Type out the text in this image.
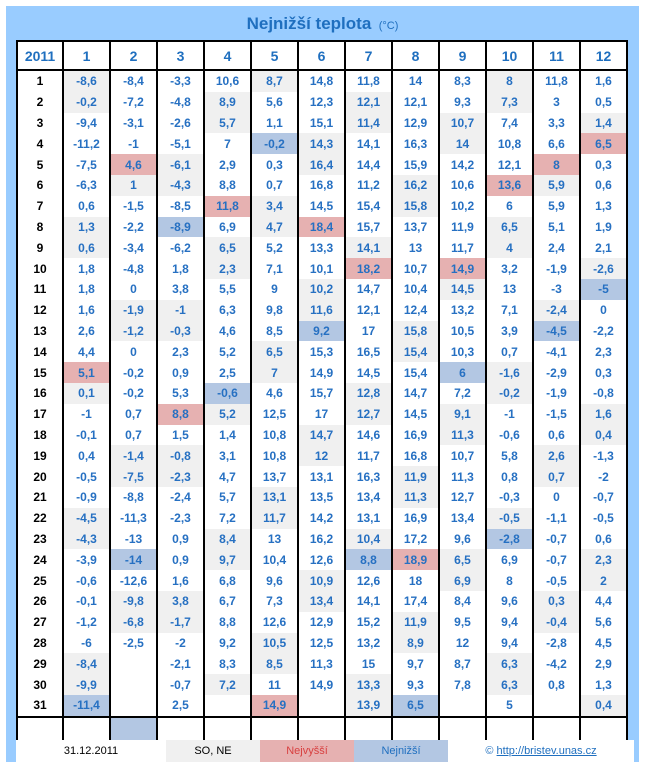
Nejnižší teplota (°C)
2011	1	2	3	4	5	6	7	8	9	10	11	12
1	-8,6	-8,4	-3,3	10,6	8,7	14,8	11,8	14	8,3	8	11,8	1,6
2	-0,2	-7,2	-4,8	8,9	5,6	12,3	12,1	12,1	9,3	7,3	3	0,5
3	-9,4	-3,1	-2,6	5,7	1,1	15,1	11,4	12,9	10,7	7,4	3,3	1,4
4	-11,2	-1	-5,1	7	-0,2	14,3	14,1	16,3	14	10,8	6,6	6,5
5	-7,5	4,6	-6,1	2,9	0,3	16,4	14,4	15,9	14,2	12,1	8	0,3
6	-6,3	1	-4,3	8,8	0,7	16,8	11,2	16,2	10,6	13,6	5,9	0,6
7	0,6	-1,5	-8,5	11,8	3,4	14,5	15,4	15,8	10,2	6	5,9	1,3
8	1,3	-2,2	-8,9	6,9	4,7	18,4	15,7	13,7	11,9	6,5	5,1	1,9
9	0,6	-3,4	-6,2	6,5	5,2	13,3	14,1	13	11,7	4	2,4	2,1
10	1,8	-4,8	1,8	2,3	7,1	10,1	18,2	10,7	14,9	3,2	-1,9	-2,6
11	1,8	0	3,8	5,5	9	10,2	14,7	10,4	14,5	13	-3	-5
12	1,6	-1,9	-1	6,3	9,8	11,6	12,1	12,4	13,2	7,1	-2,4	0
13	2,6	-1,2	-0,3	4,6	8,5	9,2	17	15,8	10,5	3,9	-4,5	-2,2
14	4,4	0	2,3	5,2	6,5	15,3	16,5	15,4	10,3	0,7	-4,1	2,3
15	5,1	-0,2	0,9	2,5	7	14,9	14,5	15,4	6	-1,6	-2,9	0,3
16	0,1	-0,2	5,3	-0,6	4,6	15,7	12,8	14,7	7,2	-0,2	-1,9	-0,8
17	-1	0,7	8,8	5,2	12,5	17	12,7	14,5	9,1	-1	-1,5	1,6
18	-0,1	0,7	1,5	1,4	10,8	14,7	14,6	16,9	11,3	-0,6	0,6	0,4
19	0,4	-1,4	-0,8	3,1	10,8	12	11,7	16,8	10,7	5,8	2,6	-1,3
20	-0,5	-7,5	-2,3	4,7	13,7	13,1	16,3	11,9	11,3	0,8	0,7	-2
21	-0,9	-8,8	-2,4	5,7	13,1	13,5	13,4	11,3	12,7	-0,3	0	-0,7
22	-4,5	-11,3	-2,3	7,2	11,7	14,2	13,1	16,9	13,4	-0,5	-1,1	-0,5
23	-4,3	-13	0,9	8,4	13	16,2	10,4	17,2	9,6	-2,8	-0,7	0,6
24	-3,9	-14	0,9	9,7	10,4	12,6	8,8	18,9	6,5	6,9	-0,7	2,3
25	-0,6	-12,6	1,6	6,8	9,6	10,9	12,6	18	6,9	8	-0,5	2
26	-0,1	-9,8	3,8	6,7	7,3	13,4	14,1	17,4	8,4	9,6	0,3	4,4
27	-1,2	-6,8	-1,7	8,8	12,6	12,9	15,2	11,9	9,5	9,4	-0,4	5,6
28	-6	-2,5	-2	9,2	10,5	12,5	13,2	8,9	12	9,4	-2,8	4,5
29	-8,4		-2,1	8,3	8,5	11,3	15	9,7	8,7	6,3	-4,2	2,9
30	-9,9		-0,7	7,2	11	14,9	13,3	9,3	7,8	6,3	0,8	1,3
31	-11,4		2,5		14,9		13,9	6,5		5		0,4

31.12.2011	SO, NE	Nejvyšší	Nejnižší	© http://bristev.unas.cz
